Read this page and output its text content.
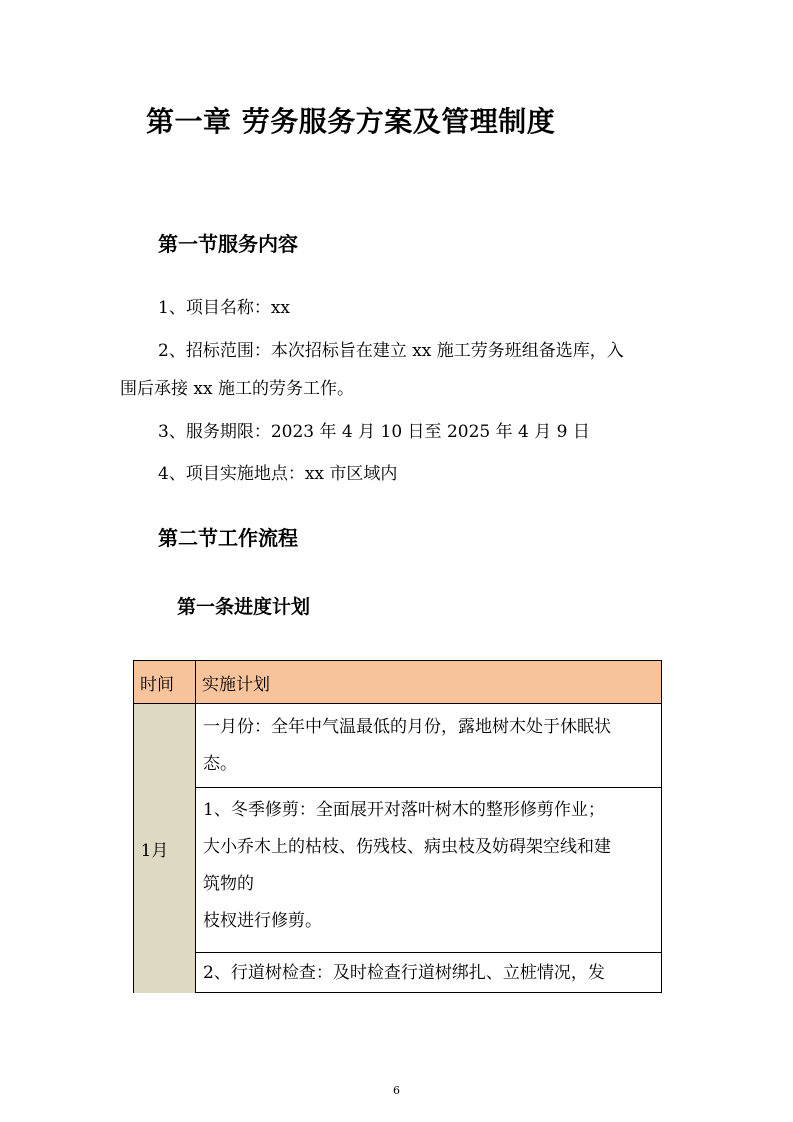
第一章 劳务服务方案及管理制度
第一节服务内容
1、项目名称：xx
2、招标范围：本次招标旨在建立 xx 施工劳务班组备选库，入
围后承接 xx 施工的劳务工作。
3、服务期限：2023 年 4 月 10 日至 2025 年 4 月 9 日
4、项目实施地点：xx 市区域内
第二节工作流程
第一条进度计划
时间	实施计划
1月	一月份：全年中气温最低的月份，露地树木处于休眠状
态。

	1、冬季修剪：全面展开对落叶树木的整形修剪作业；
大小乔木上的枯枝、伤残枝、病虫枝及妨碍架空线和建
筑物的
枝杈进行修剪。

	2、行道树检查：及时检查行道树绑扎、立桩情况，发
6
